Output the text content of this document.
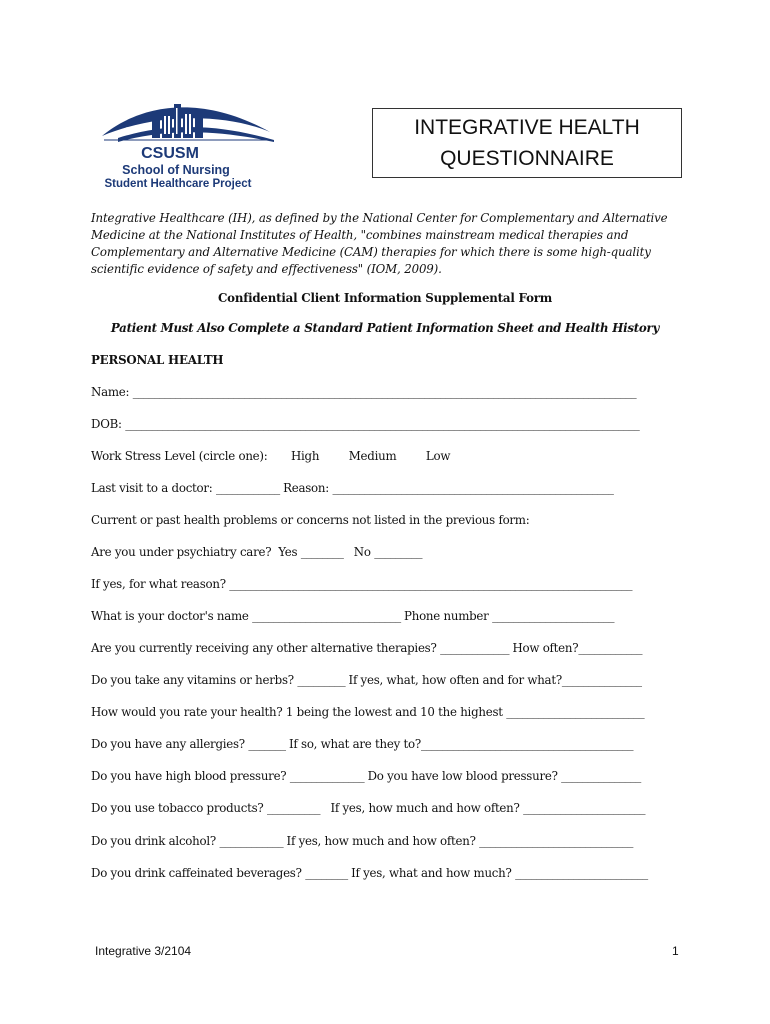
CSUSM
School of Nursing
Student Healthcare Project
INTEGRATIVE HEALTH
QUESTIONNAIRE
Integrative Healthcare (IH), as defined by the National Center for Complementary and Alternative
Medicine at the National Institutes of Health, "combines mainstream medical therapies and
Complementary and Alternative Medicine (CAM) therapies for which there is some high-quality
scientific evidence of safety and effectiveness" (IOM, 2009).
Confidential Client Information Supplemental Form
Patient Must Also Complete a Standard Patient Information Sheet and Health History
PERSONAL HEALTH
Name: _______________________________________________________________________________________________
DOB: _________________________________________________________________________________________________
Work Stress Level (circle one): High	Medium	Low
Last visit to a doctor: ____________ Reason: _____________________________________________________
Current or past health problems or concerns not listed in the previous form:
Are you under psychiatry care? Yes ________ No _________
If yes, for what reason? ____________________________________________________________________________
What is your doctor's name ____________________________ Phone number _______________________
Are you currently receiving any other alternative therapies? _____________ How often?____________
Do you take any vitamins or herbs? _________ If yes, what, how often and for what?_______________
How would you rate your health? 1 being the lowest and 10 the highest __________________________
Do you have any allergies? _______ If so, what are they to?________________________________________
Do you have high blood pressure? ______________ Do you have low blood pressure? _______________
Do you use tobacco products? __________ If yes, how much and how often? _______________________
Do you drink alcohol? ____________ If yes, how much and how often? _____________________________
Do you drink caffeinated beverages? ________ If yes, what and how much? _________________________
Integrative 3/2104	1
